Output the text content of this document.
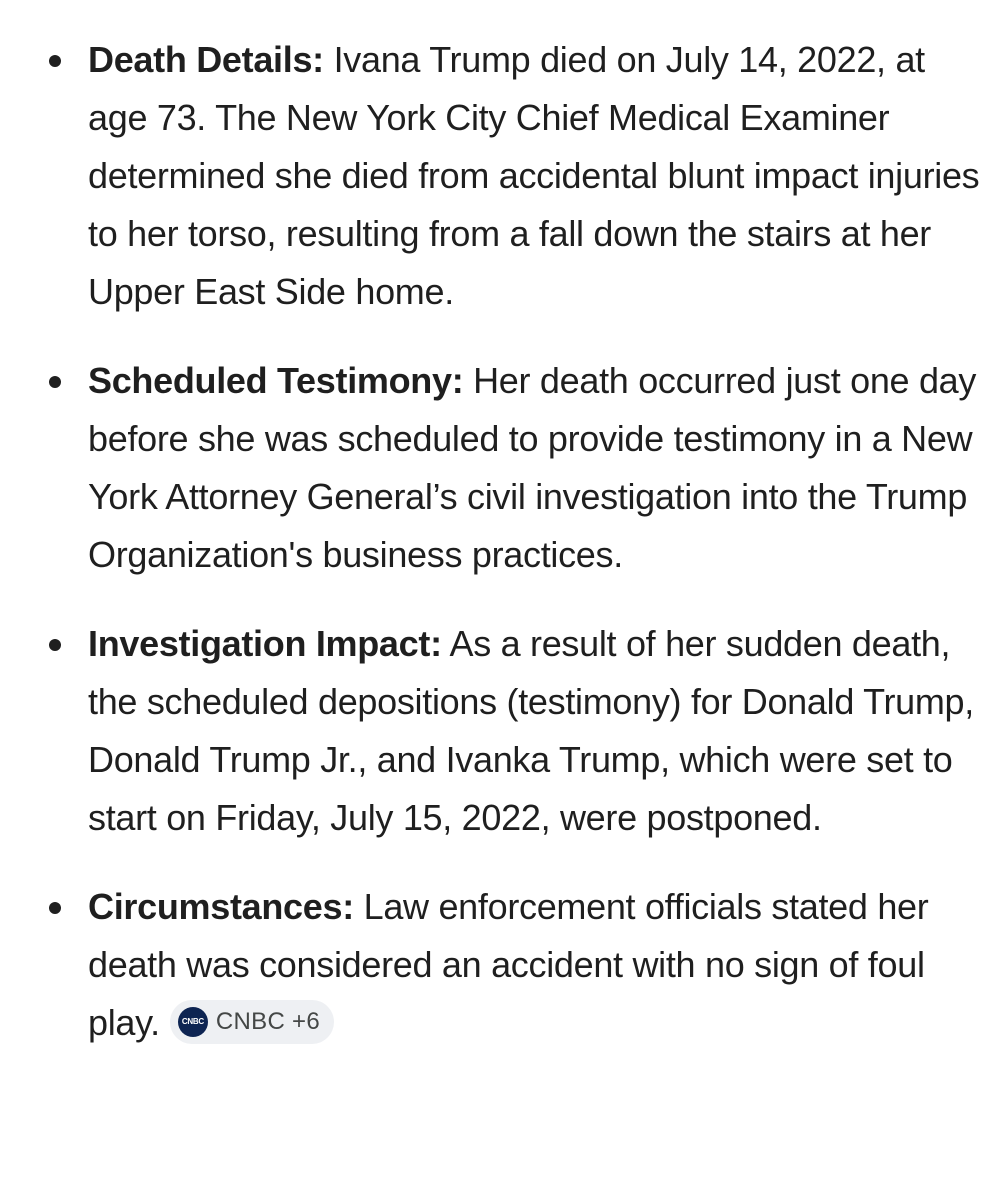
Death Details: Ivana Trump died on July 14, 2022, at age 73. The New York City Chief Medical Examiner determined she died from accidental blunt impact injuries to her torso, resulting from a fall down the stairs at her Upper East Side home.
Scheduled Testimony: Her death occurred just one day before she was scheduled to provide testimony in a New York Attorney General’s civil investigation into the Trump Organization's business practices.
Investigation Impact: As a result of her sudden death, the scheduled depositions (testimony) for Donald Trump, Donald Trump Jr., and Ivanka Trump, which were set to start on Friday, July 15, 2022, were postponed.
Circumstances: Law enforcement officials stated her death was considered an accident with no sign of foul play.	CNBC CNBC +6
